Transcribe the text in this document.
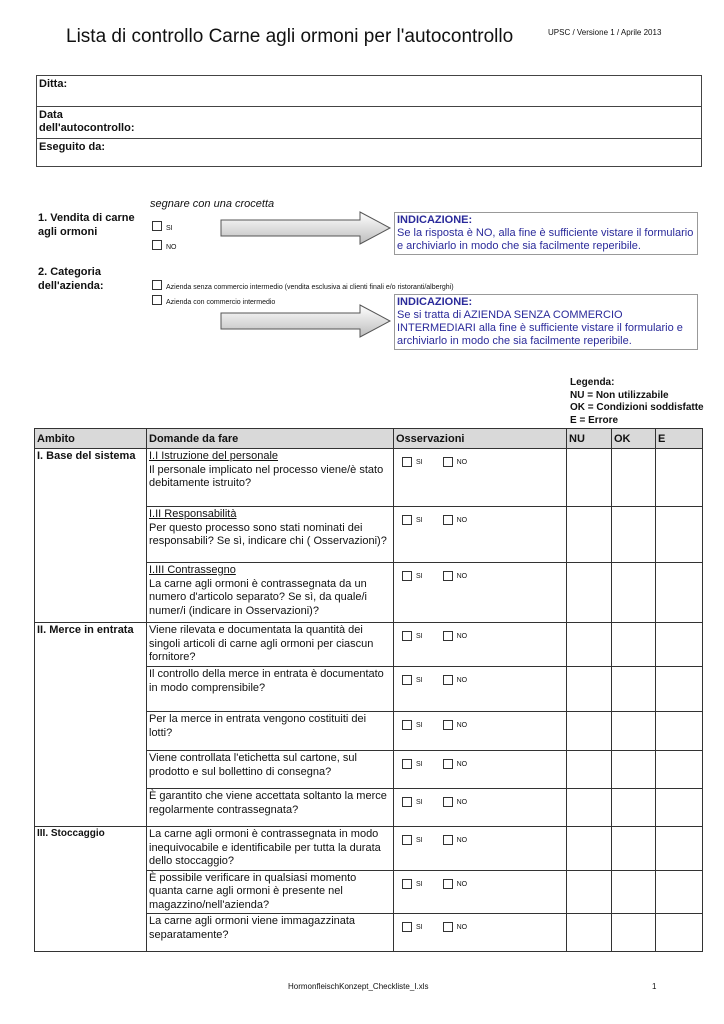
Lista di controllo Carne agli ormoni per l'autocontrollo	UPSC / Versione 1 / Aprile 2013
Ditta:
Data
dell'autocontrollo:
Eseguito da:
segnare con una crocetta
1. Vendita di carne agli ormoni	SI
NO
INDICAZIONE:
Se la risposta è NO, alla fine è sufficiente vistare il formulario e archiviarlo in modo che sia facilmente reperibile.
2. Categoria dell'azienda:	Azienda senza commercio intermedio (vendita esclusiva ai clienti finali e/o ristoranti/alberghi)
Azienda con commercio intermedio	INDICAZIONE:
Se si tratta di AZIENDA SENZA COMMERCIO INTERMEDIARI alla fine è sufficiente vistare il formulario e archiviarlo in modo che sia facilmente reperibile.
Legenda:
NU = Non utilizzabile
OK = Condizioni soddisfatte
E = Errore
Ambito	Domande da fare	Osservazioni	NU	OK	E
I. Base del sistema	I.I Istruzione del personale
Il personale implicato nel processo viene/è stato debitamente istruito?	SI NO			

	I.II Responsabilità
Per questo processo sono stati nominati dei responsabili? Se sì, indicare chi ( Osservazioni)?	SI NO			

	I.III Contrassegno
La carne agli ormoni è contrassegnata da un numero d'articolo separato? Se sì, da quale/i numer/i (indicare in Osservazioni)?	SI NO			
II. Merce in entrata	Viene rilevata e documentata la quantità dei singoli articoli di carne agli ormoni per ciascun fornitore?	SI NO			
	Il controllo della merce in entrata è documentato in modo comprensibile?	SI NO			
	Per la merce in entrata vengono costituiti dei lotti?	SI NO			
	Viene controllata l'etichetta sul cartone, sul prodotto e sul bollettino di consegna?	SI NO			
	È garantito che viene accettata soltanto la merce regolarmente contrassegnata?	SI NO			
III. Stoccaggio	La carne agli ormoni è contrassegnata in modo inequivocabile e identificabile per tutta la durata dello stoccaggio?	SI NO			
	È possibile verificare in qualsiasi momento quanta carne agli ormoni è presente nel magazzino/nell'azienda?	SI NO			
	La carne agli ormoni viene immagazzinata separatamente?	SI NO			
HormonfleischKonzept_Checkliste_I.xls	1
